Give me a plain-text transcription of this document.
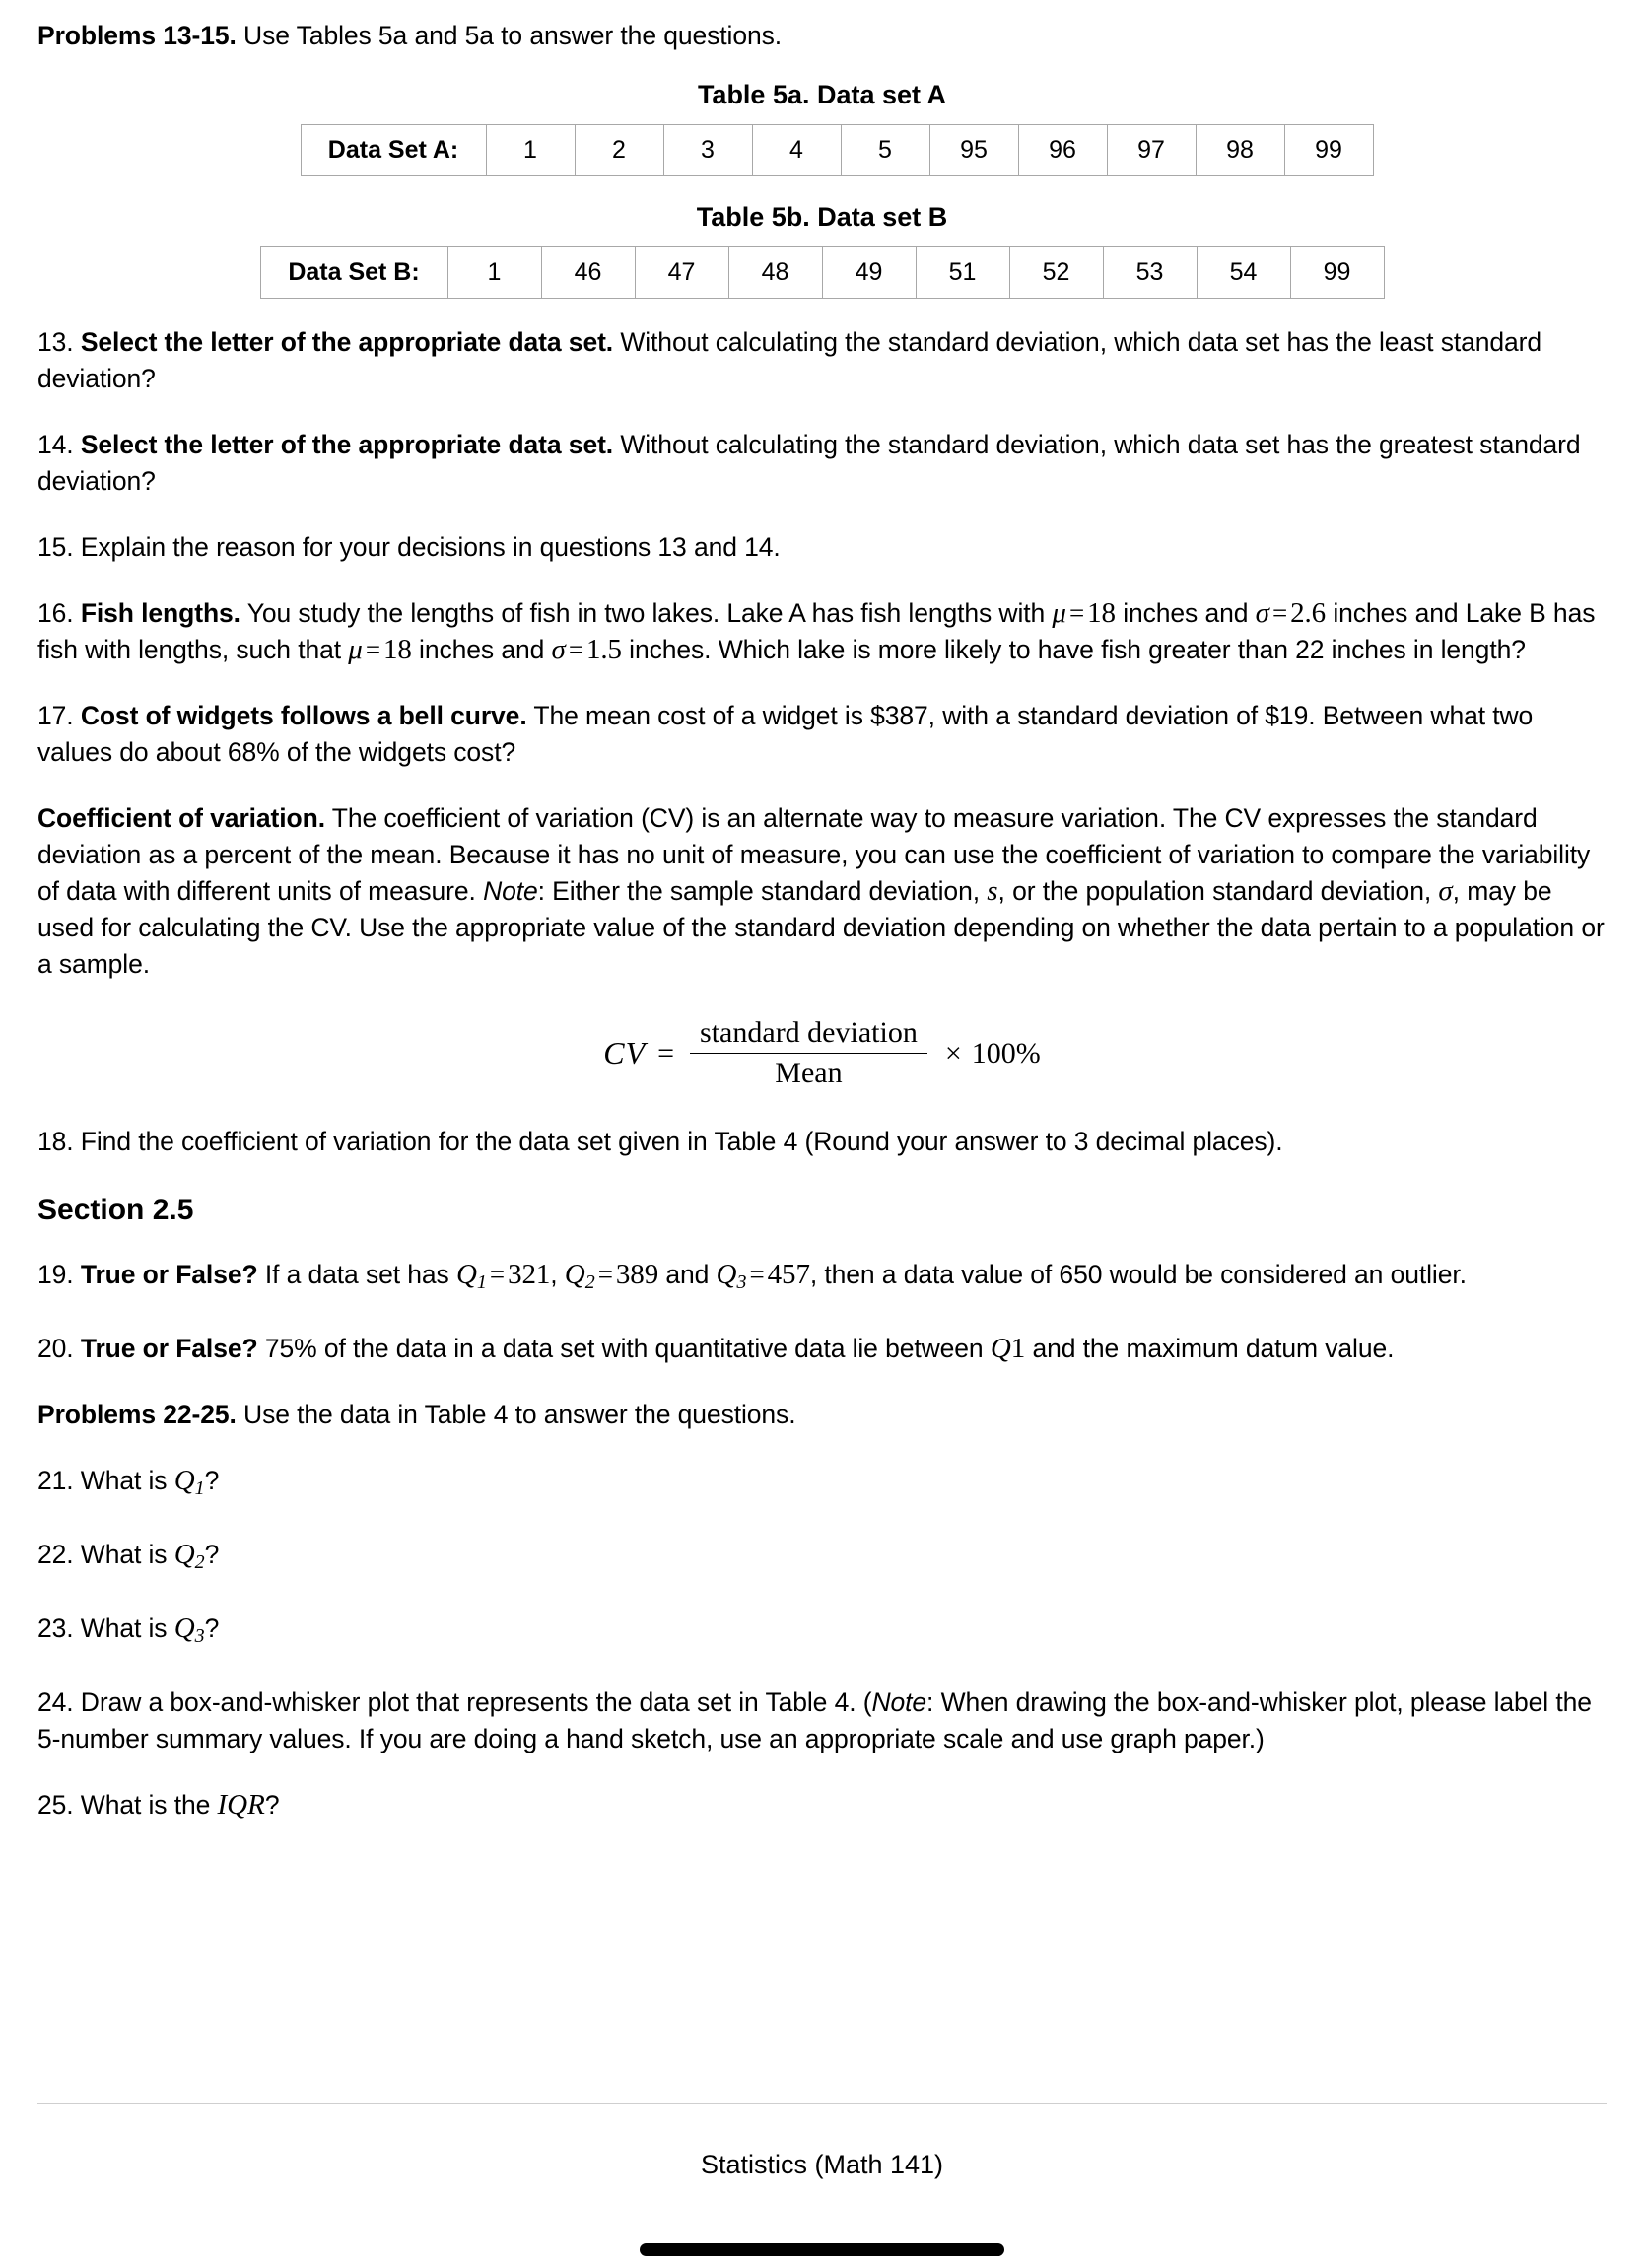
Problems 13-15. Use Tables 5a and 5a to answer the questions.

Table 5a. Data set A
Data Set A:	1	2	3	4	5	95	96	97	98	99
Table 5b. Data set B
Data Set B:	1	46	47	48	49	51	52	53	54	99

13. Select the letter of the appropriate data set. Without calculating the standard deviation, which data set has the least standard deviation?

14. Select the letter of the appropriate data set. Without calculating the standard deviation, which data set has the greatest standard deviation?

15. Explain the reason for your decisions in questions 13 and 14.

16. Fish lengths. You study the lengths of fish in two lakes. Lake A has fish lengths with μ = 18 inches and σ = 2.6 inches and Lake B has fish with lengths, such that μ = 18 inches and σ = 1.5 inches. Which lake is more likely to have fish greater than 22 inches in length?

17. Cost of widgets follows a bell curve. The mean cost of a widget is $387, with a standard deviation of $19. Between what two values do about 68% of the widgets cost?

Coefficient of variation. The coefficient of variation (CV) is an alternate way to measure variation. The CV expresses the standard deviation as a percent of the mean. Because it has no unit of measure, you can use the coefficient of variation to compare the variability of data with different units of measure. Note: Either the sample standard deviation, s, or the population standard deviation, σ, may be used for calculating the CV. Use the appropriate value of the standard deviation depending on whether the data pertain to a population or a sample.

CV = $\frac{\text{standard deviation}}{\text{Mean}} \times 100\%$

18. Find the coefficient of variation for the data set given in Table 4 (Round your answer to 3 decimal places).

Section 2.5

19. True or False? If a data set has Q1 = 321, Q2 = 389 and Q3 = 457, then a data value of 650 would be considered an outlier.

20. True or False? 75% of the data in a data set with quantitative data lie between Q1 and the maximum datum value.

Problems 22-25. Use the data in Table 4 to answer the questions.

21. What is Q1?

22. What is Q2?

23. What is Q3?

24. Draw a box-and-whisker plot that represents the data set in Table 4. (Note: When drawing the box-and-whisker plot, please label the 5-number summary values. If you are doing a hand sketch, use an appropriate scale and use graph paper.)

25. What is the IQR?

Statistics (Math 141)
